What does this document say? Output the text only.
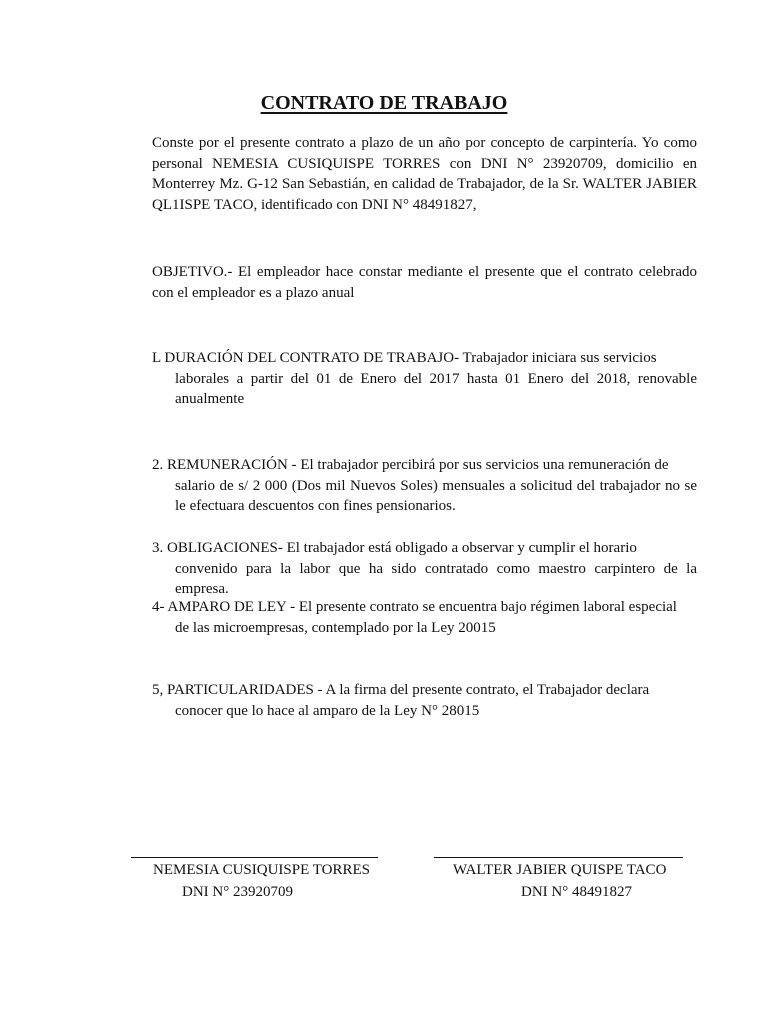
CONTRATO DE TRABAJO
Conste por el presente contrato a plazo de un año por concepto de carpintería. Yo como personal NEMESIA CUSIQUISPE TORRES con DNI N° 23920709, domicilio en Monterrey Mz. G-12 San Sebastián, en calidad de Trabajador, de la Sr. WALTER JABIER QL1ISPE TACO, identificado con DNI N° 48491827,
OBJETIVO.- El empleador hace constar mediante el presente que el contrato celebrado con el empleador es a plazo anual
L DURACIÓN DEL CONTRATO DE TRABAJO- Trabajador iniciara sus servicios
laborales a partir del 01 de Enero del 2017 hasta 01 Enero del 2018, renovable anualmente
2. REMUNERACIÓN - El trabajador percibirá por sus servicios una remuneración de
salario de s/ 2 000 (Dos mil Nuevos Soles) mensuales a solicitud del trabajador no se le efectuara descuentos con fines pensionarios.
3. OBLIGACIONES- El trabajador está obligado a observar y cumplir el horario
convenido para la labor que ha sido contratado como maestro carpintero de la empresa.
4- AMPARO DE LEY - El presente contrato se encuentra bajo régimen laboral especial
de las microempresas, contemplado por la Ley 20015
5, PARTICULARIDADES - A la firma del presente contrato, el Trabajador declara
conocer que lo hace al amparo de la Ley N° 28015
NEMESIA CUSIQUISPE TORRES
DNI N° 23920709
WALTER JABIER QUISPE TACO
DNI N° 48491827
